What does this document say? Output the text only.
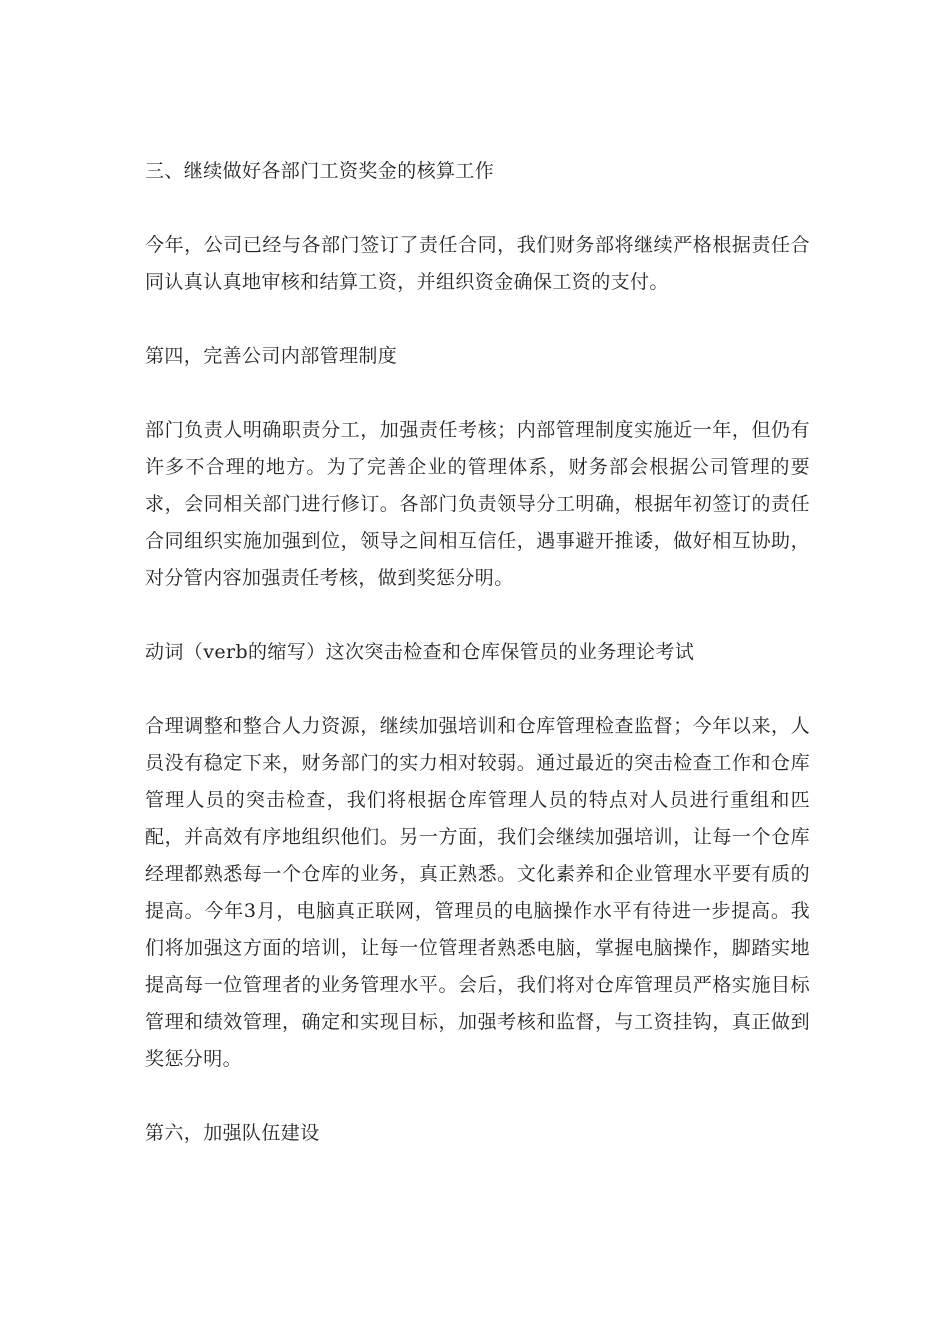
三、继续做好各部门工资奖金的核算工作

今年，公司已经与各部门签订了责任合同，我们财务部将继续严格根据责任合同认真认真地审核和结算工资，并组织资金确保工资的支付。

第四，完善公司内部管理制度

部门负责人明确职责分工，加强责任考核；内部管理制度实施近一年，但仍有许多不合理的地方。为了完善企业的管理体系，财务部会根据公司管理的要求，会同相关部门进行修订。各部门负责领导分工明确，根据年初签订的责任合同组织实施加强到位，领导之间相互信任，遇事避开推诿，做好相互协助，对分管内容加强责任考核，做到奖惩分明。

动词（verb的缩写）这次突击检查和仓库保管员的业务理论考试

合理调整和整合人力资源，继续加强培训和仓库管理检查监督；今年以来，人员没有稳定下来，财务部门的实力相对较弱。通过最近的突击检查工作和仓库管理人员的突击检查，我们将根据仓库管理人员的特点对人员进行重组和匹配，并高效有序地组织他们。另一方面，我们会继续加强培训，让每一个仓库经理都熟悉每一个仓库的业务，真正熟悉。文化素养和企业管理水平要有质的提高。今年3月，电脑真正联网，管理员的电脑操作水平有待进一步提高。我们将加强这方面的培训，让每一位管理者熟悉电脑，掌握电脑操作，脚踏实地提高每一位管理者的业务管理水平。会后，我们将对仓库管理员严格实施目标管理和绩效管理，确定和实现目标，加强考核和监督，与工资挂钩，真正做到奖惩分明。

第六，加强队伍建设
